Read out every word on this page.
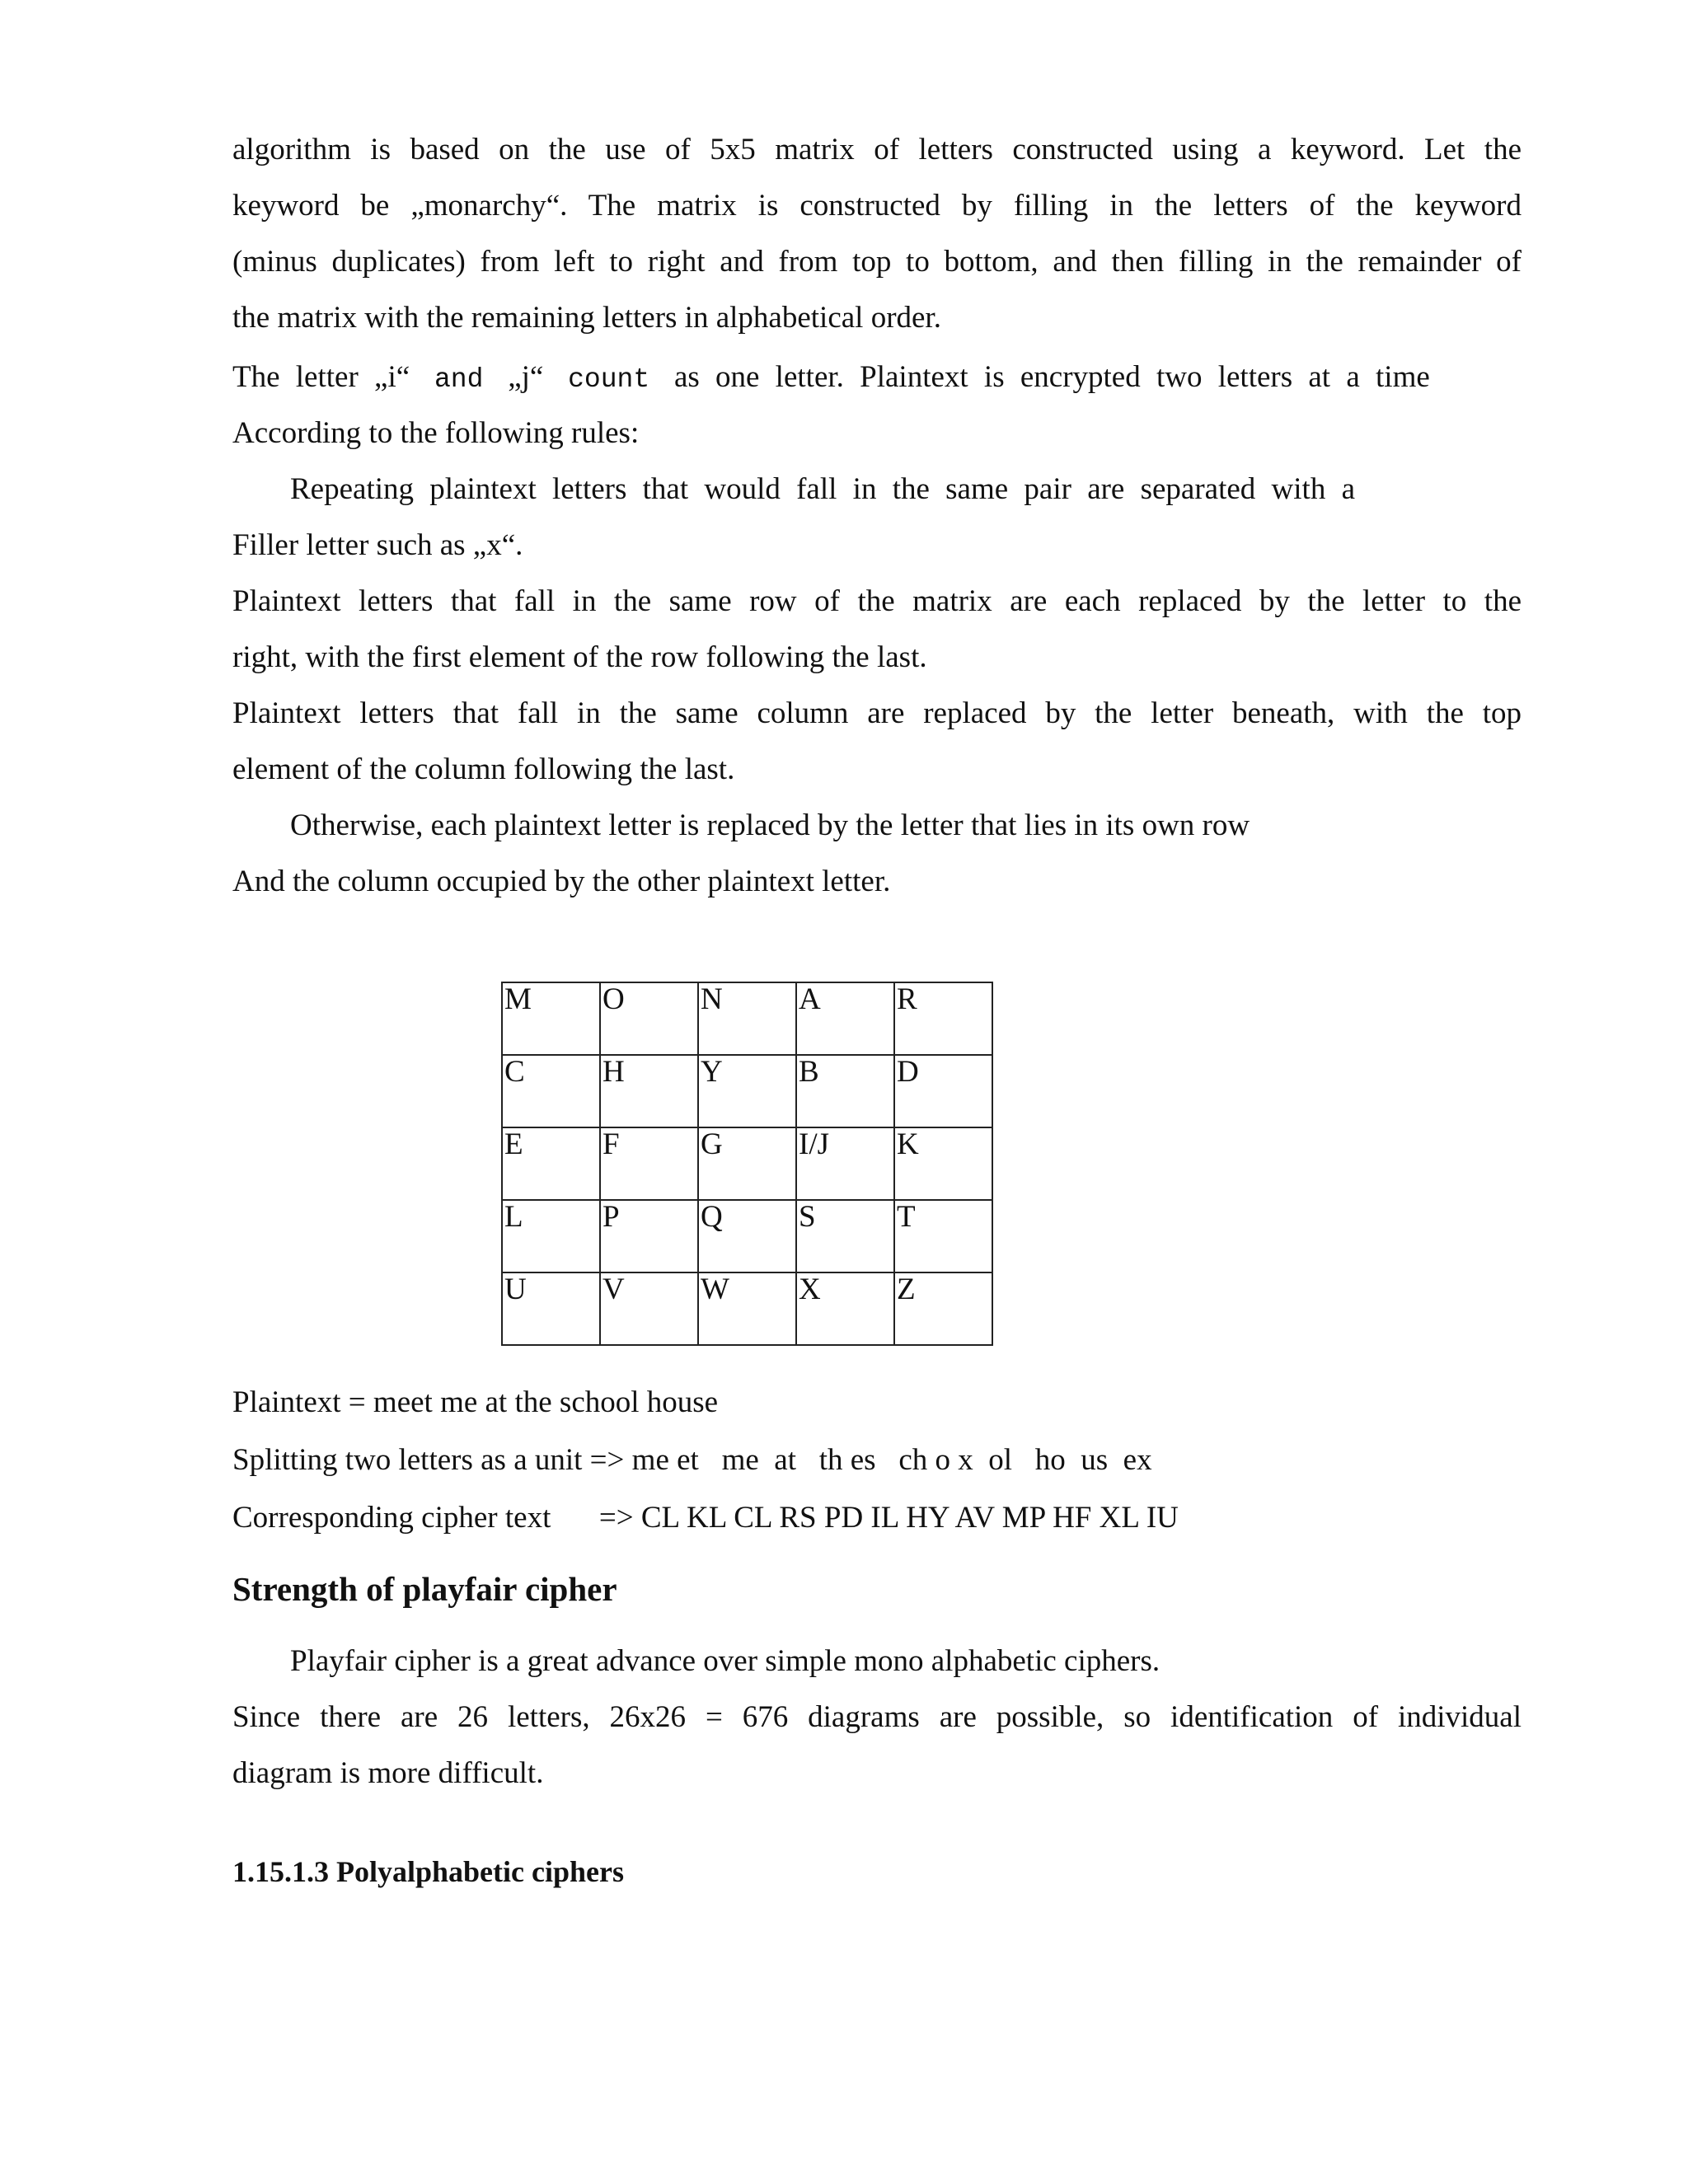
algorithm is based on the use of 5x5 matrix of letters constructed using a keyword. Let the
keyword be „monarchy“. The matrix is constructed by filling in the letters of the keyword
(minus duplicates) from left to right and from top to bottom, and then filling in the remainder of
the matrix with the remaining letters in alphabetical order.
The letter „i“ and „j“ count as one letter. Plaintext is encrypted two letters at a time
According to the following rules:
Repeating plaintext letters that would fall in the same pair are separated with a
Filler letter such as „x“.
Plaintext letters that fall in the same row of the matrix are each replaced by the letter to the
right, with the first element of the row following the last.
Plaintext letters that fall in the same column are replaced by the letter beneath, with the top
element of the column following the last.
Otherwise, each plaintext letter is replaced by the letter that lies in its own row
And the column occupied by the other plaintext letter.
M	O	N	A	R
C	H	Y	B	D
E	F	G	I/J	K
L	P	Q	S	T
U	V	W	X	Z
Plaintext = meet me at the school house
Splitting two letters as a unit => me et   me  at   th es   ch o x  ol   ho  us  ex
Corresponding cipher text => CL KL CL RS PD IL HY AV MP HF XL IU
Strength of playfair cipher
Playfair cipher is a great advance over simple mono alphabetic ciphers.
Since there are 26 letters, 26x26 = 676 diagrams are possible, so identification of individual
diagram is more difficult.
1.15.1.3 Polyalphabetic ciphers
